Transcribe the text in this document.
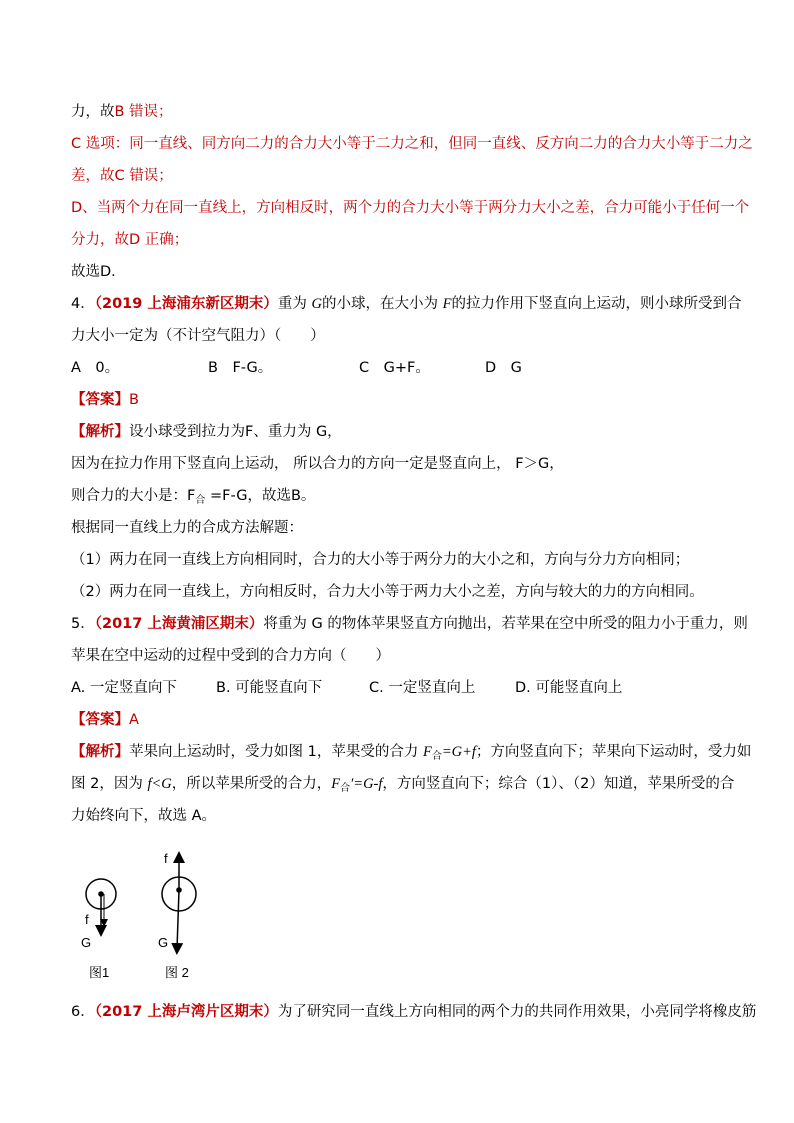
力，故B 错误；
C 选项：同一直线、同方向二力的合力大小等于二力之和，但同一直线、反方向二力的合力大小等于二力之
差，故C 错误；
D、当两个力在同一直线上，方向相反时，两个力的合力大小等于两分力大小之差，合力可能小于任何一个
分力，故D 正确；
故选D．
4．（2019 上海浦东新区期末）重为 G的小球，在大小为 F的拉力作用下竖直向上运动，则小球所受到合
力大小一定为（不计空气阻力）（　　）
A　0。	B　F-G。	C　G+F。	D　G
【答案】B
【解析】设小球受到拉力为F、重力为 G，
因为在拉力作用下竖直向上运动， 所以合力的方向一定是竖直向上， F＞G，
则合力的大小是：$F_合 =F-G$，故选B。
根据同一直线上力的合成方法解题：
（1）两力在同一直线上方向相同时，合力的大小等于两分力的大小之和，方向与分力方向相同；
（2）两力在同一直线上，方向相反时，合力大小等于两力大小之差，方向与较大的力的方向相同。
5．（2017 上海黄浦区期末）将重为 G 的物体苹果竖直方向抛出，若苹果在空中所受的阻力小于重力，则
苹果在空中运动的过程中受到的合力方向（　　）
A. 一定竖直向下	B. 可能竖直向下	C. 一定竖直向上	D. 可能竖直向上
【答案】A
【解析】苹果向上运动时，受力如图 1，苹果受的合力 $F_合=G+f$；方向竖直向下；苹果向下运动时，受力如
图 2，因为 f<G，所以苹果所受的合力，$F_合'=G-f$，方向竖直向下；综合（1）、（2）知道，苹果所受的合
力始终向下，故选 A。
f
G
图1
f
G
图 2
6．（2017 上海卢湾片区期末）为了研究同一直线上方向相同的两个力的共同作用效果，小亮同学将橡皮筋
